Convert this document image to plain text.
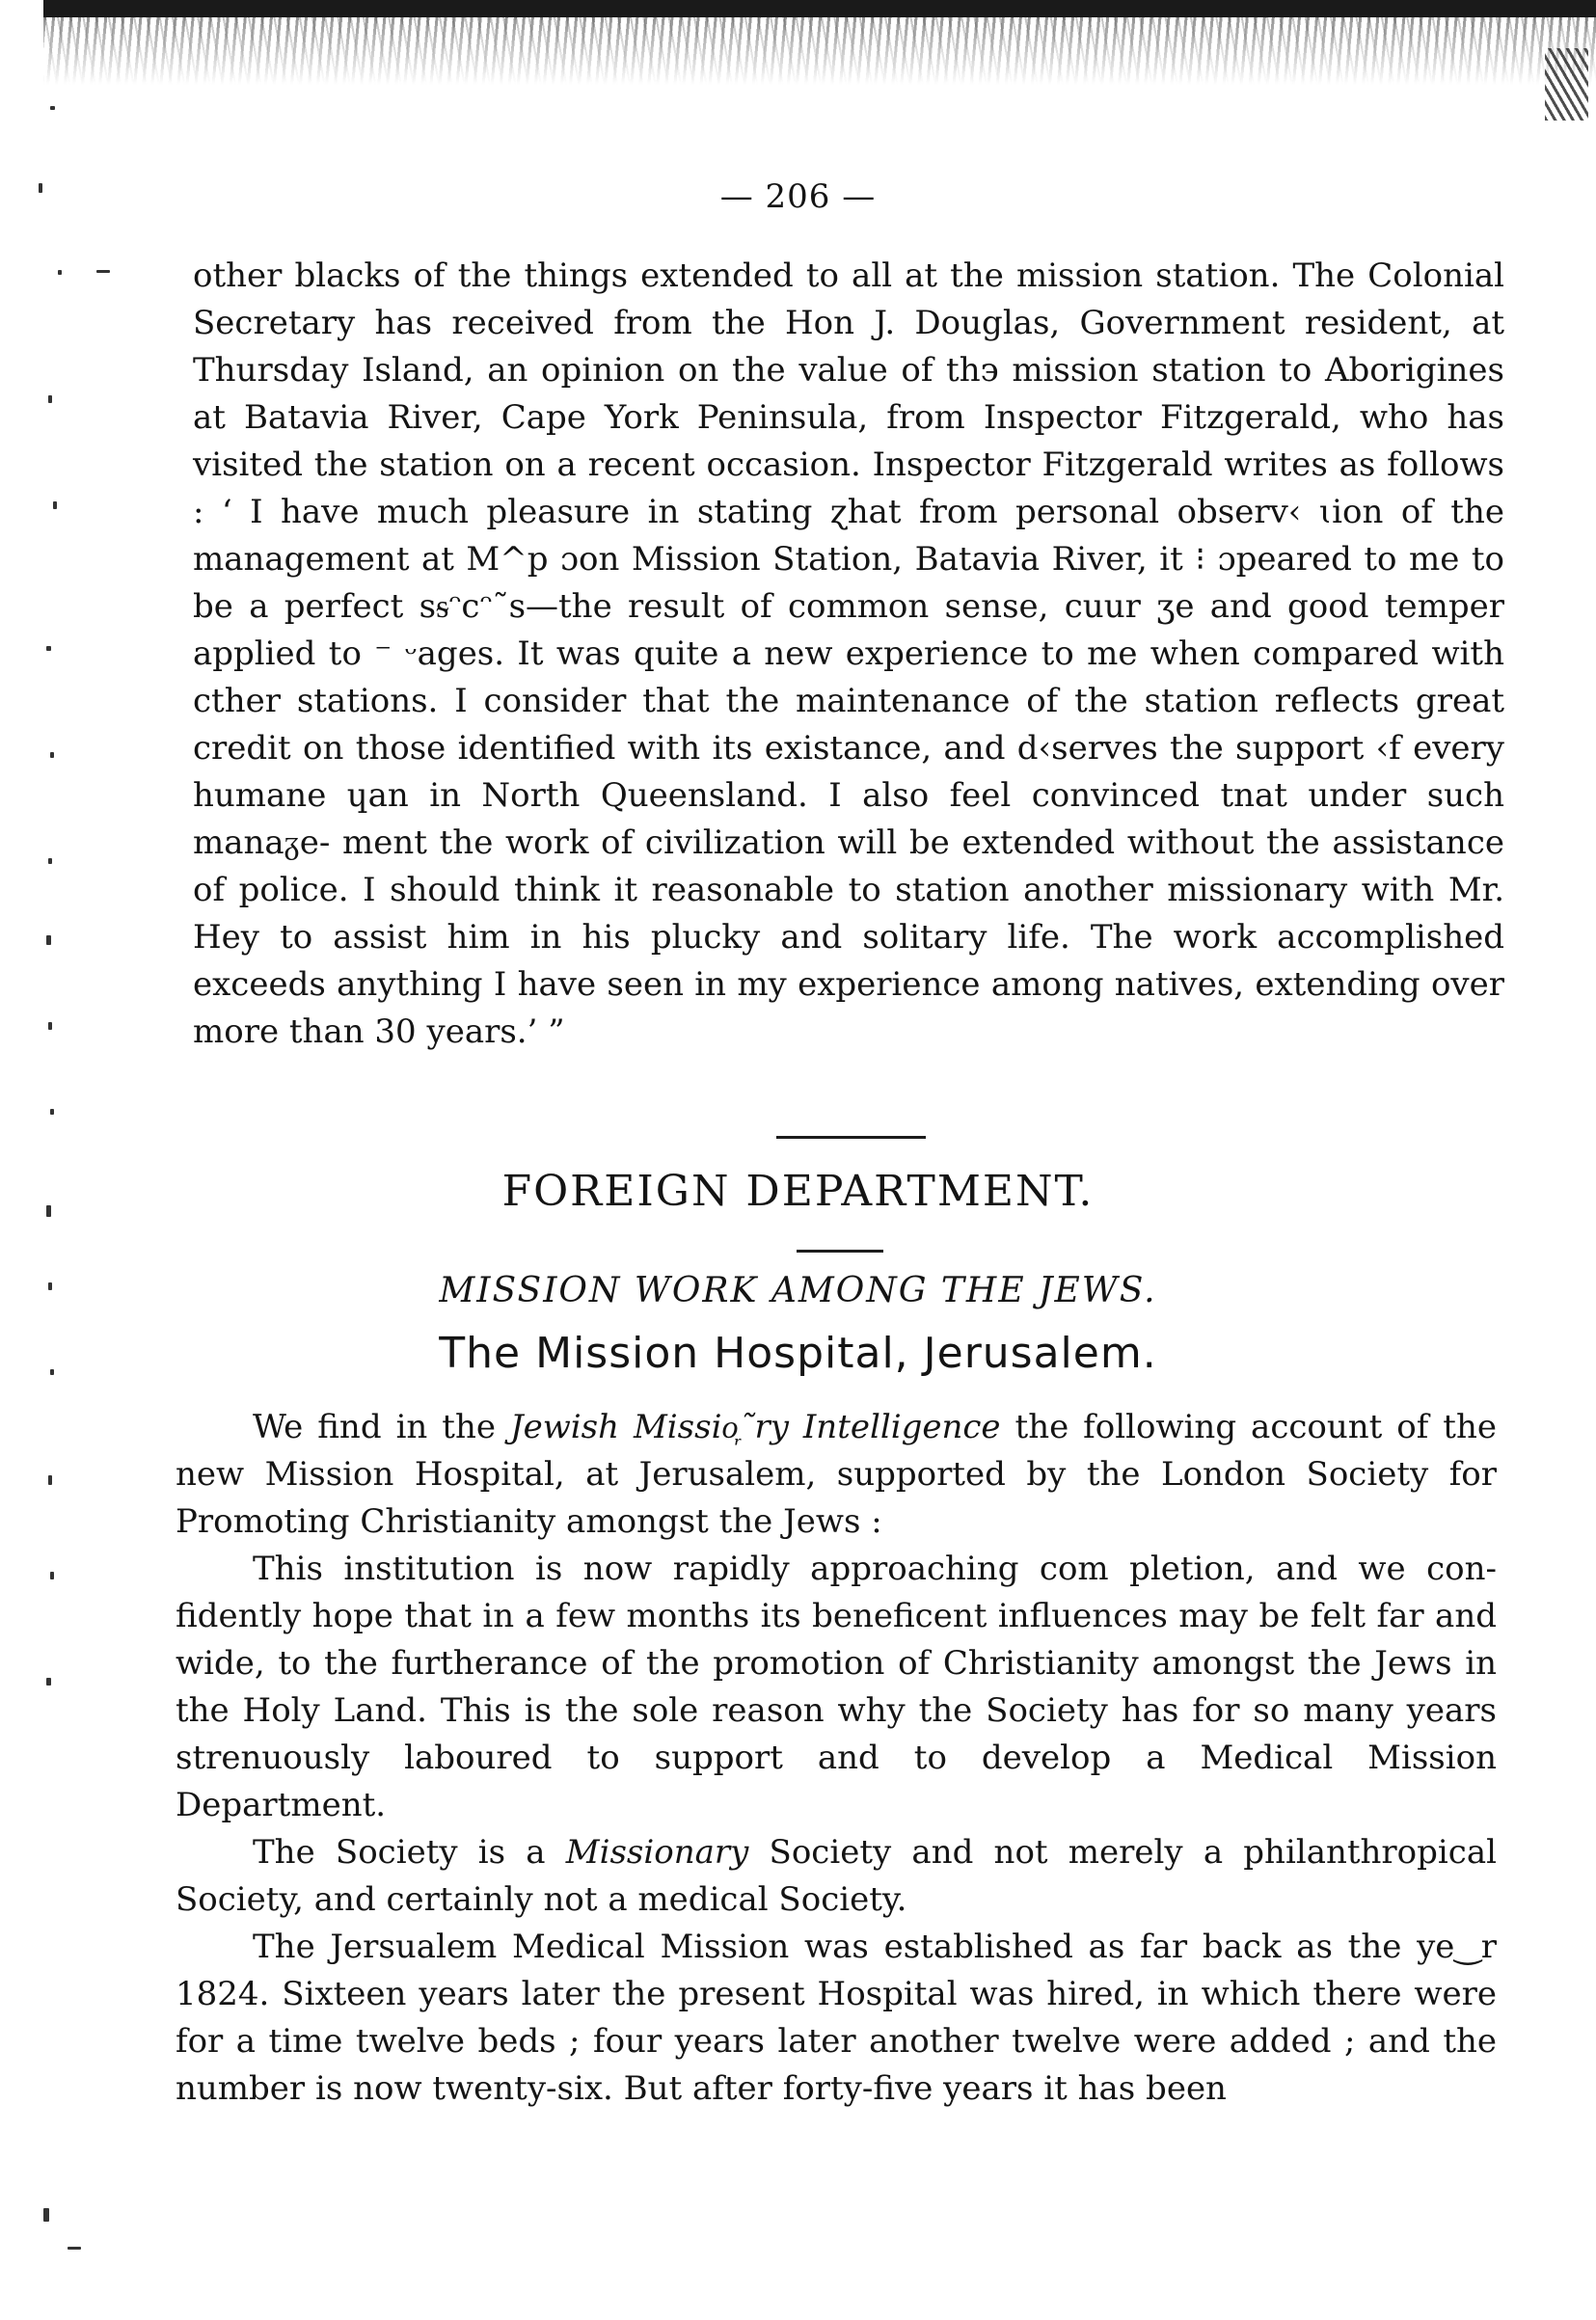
— 206 —

other blacks of the things extended to all at the mission station. The Colonial Secretary has received from the Hon J. Douglas, Government resident, at Thursday Island, an opinion on the value of th϶ mission station to Aborigines at Batavia River, Cape York Peninsula, from Inspector Fitzgerald, who has visited the station on a recent occasion. Inspector Fitzgerald writes as follows : ‘ I have much pleasure in stating ɀhat from personal observ‹ ɩion of the management at M^p ɔon Mission Station, Batavia River, it ⁝ ɔpeared to me to be a perfect sᵴᵔcᵔ˜s—the result of common sense, cuur ʒe and good temper applied to ⁻ ᵕages. It was quite a new experience to me when compared with cther stations. I consider that the maintenance of the station reflects great credit on those identified with its existance, and d‹serves the support ‹f every humane ɥan in North Queensland. I also feel convinced tnat under such manaᵹe- ment the work of civilization will be extended without the assistance of police. I should think it reasonable to station another missionary with Mr. Hey to assist him in his plucky and solitary life. The work accomplished exceeds anything I have seen in my experience among natives, extending over more than 30 years.’ ”

FOREIGN DEPARTMENT.
MISSION WORK AMONG THE JEWS.
The Mission Hospital, Jerusalem.

We find in the Jewish Missio᷊˜ry Intelligence the following account of the new Mission Hospital, at Jerusalem, supported by the London Society for Promoting Christianity amongst the Jews :

This institution is now rapidly approaching com pletion, and we con- fidently hope that in a few months its beneficent influences may be felt far and wide, to the furtherance of the promotion of Christianity amongst the Jews in the Holy Land. This is the sole reason why the Society has for so many years strenuously laboured to support and to develop a Medical Mission Department.

The Society is a Missionary Society and not merely a philanthropical Society, and certainly not a medical Society.

The Jersualem Medical Mission was established as far back as the ye‿r 1824. Sixteen years later the present Hospital was hired, in which there were for a time twelve beds ; four years later another twelve were added ; and the number is now twenty-six. But after forty-five years it has been
